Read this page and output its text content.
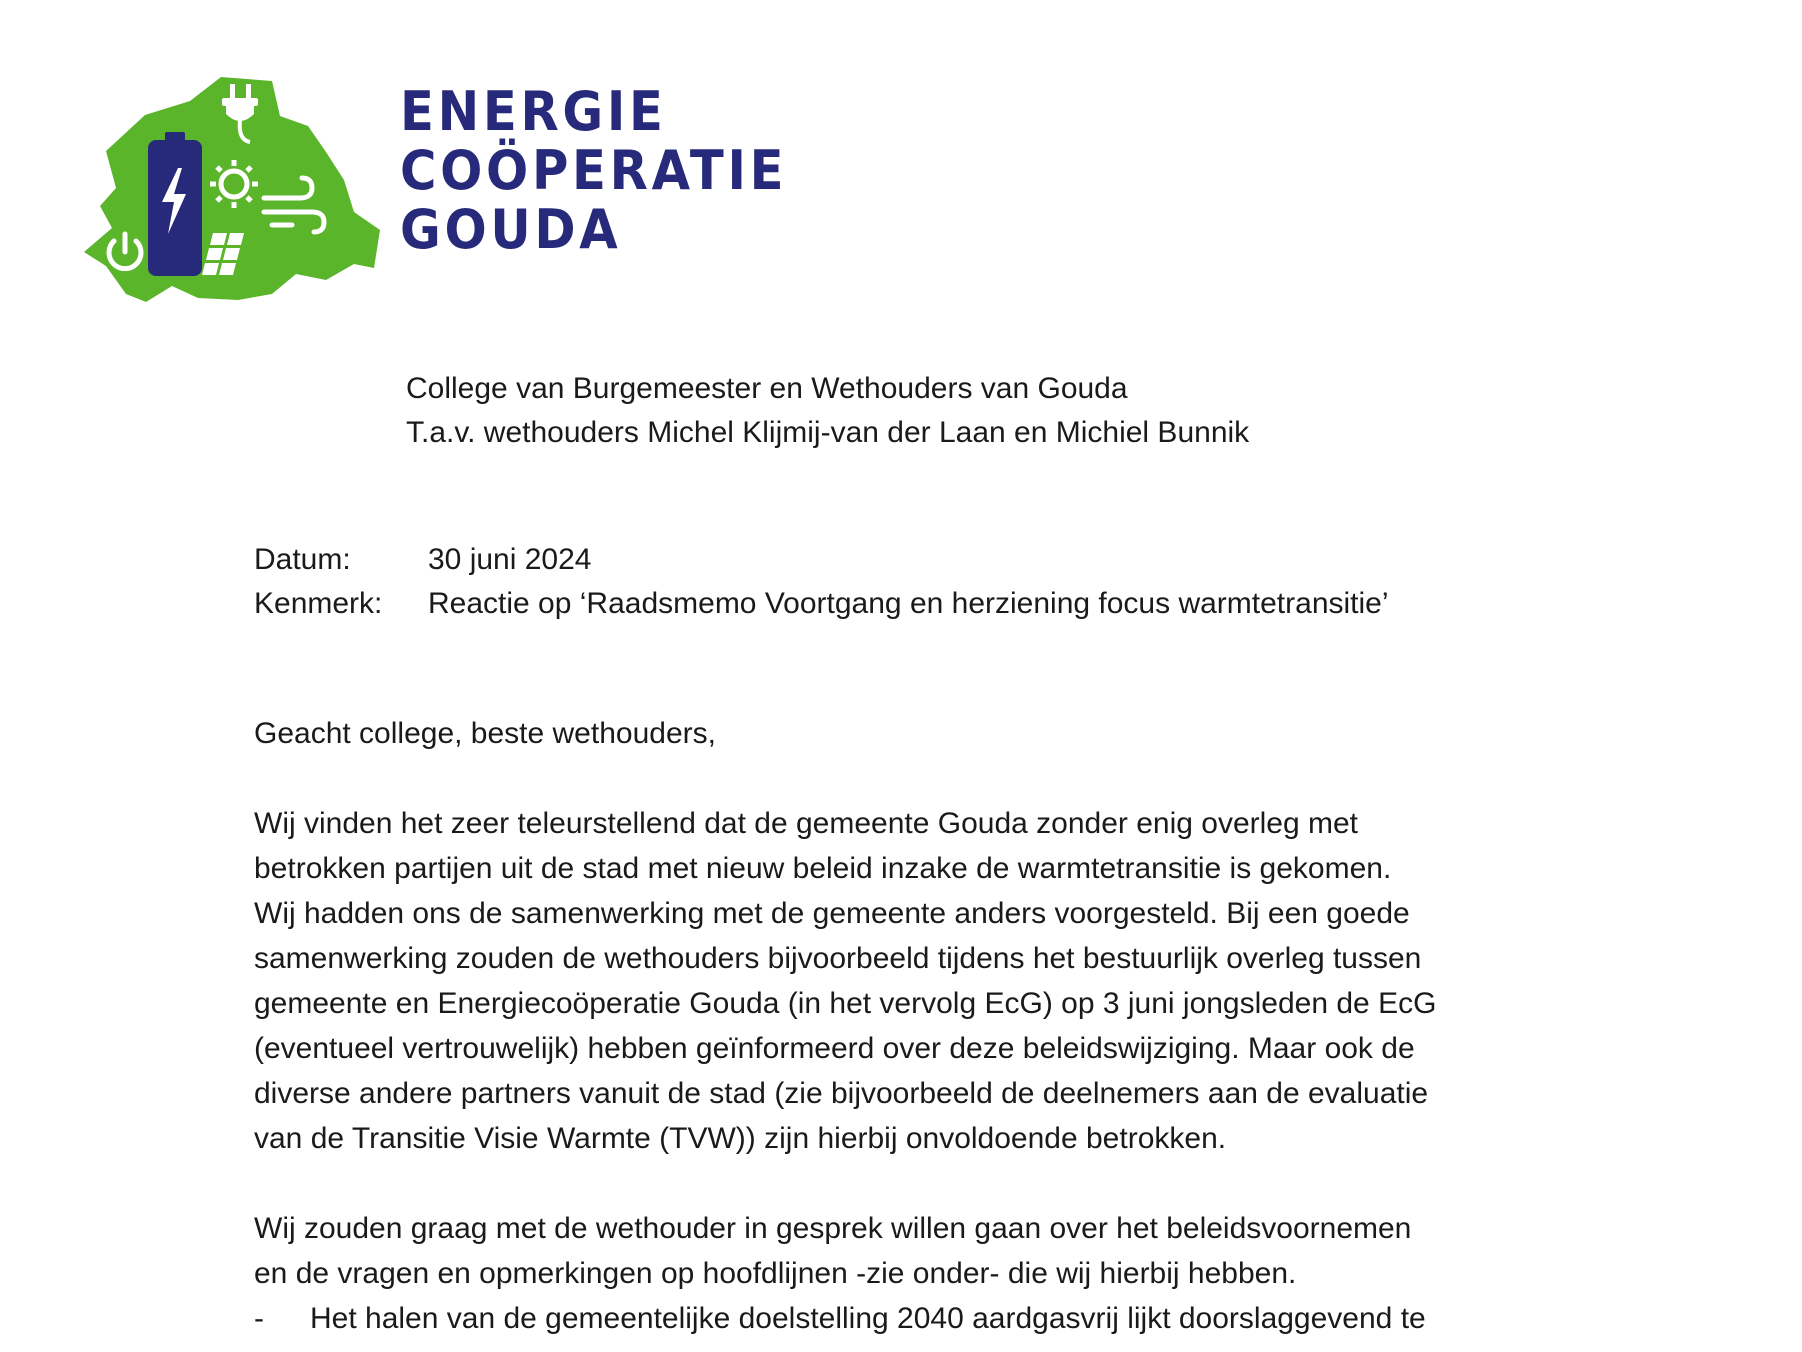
ENERGIE
COÖPERATIE
GOUDA
College van Burgemeester en Wethouders van Gouda
T.a.v. wethouders Michel Klijmij-van der Laan en Michiel Bunnik
Datum:	30 juni 2024
Kenmerk:	Reactie op ‘Raadsmemo Voortgang en herziening focus warmtetransitie’

Geacht college, beste wethouders,

Wij vinden het zeer teleurstellend dat de gemeente Gouda zonder enig overleg met
betrokken partijen uit de stad met nieuw beleid inzake de warmtetransitie is gekomen.
Wij hadden ons de samenwerking met de gemeente anders voorgesteld. Bij een goede
samenwerking zouden de wethouders bijvoorbeeld tijdens het bestuurlijk overleg tussen
gemeente en Energiecoöperatie Gouda (in het vervolg EcG) op 3 juni jongsleden de EcG
(eventueel vertrouwelijk) hebben geïnformeerd over deze beleidswijziging. Maar ook de
diverse andere partners vanuit de stad (zie bijvoorbeeld de deelnemers aan de evaluatie
van de Transitie Visie Warmte (TVW)) zijn hierbij onvoldoende betrokken.

Wij zouden graag met de wethouder in gesprek willen gaan over het beleidsvoornemen
en de vragen en opmerkingen op hoofdlijnen -zie onder- die wij hierbij hebben.

-	Het halen van de gemeentelijke doelstelling 2040 aardgasvrij lijkt doorslaggevend te
